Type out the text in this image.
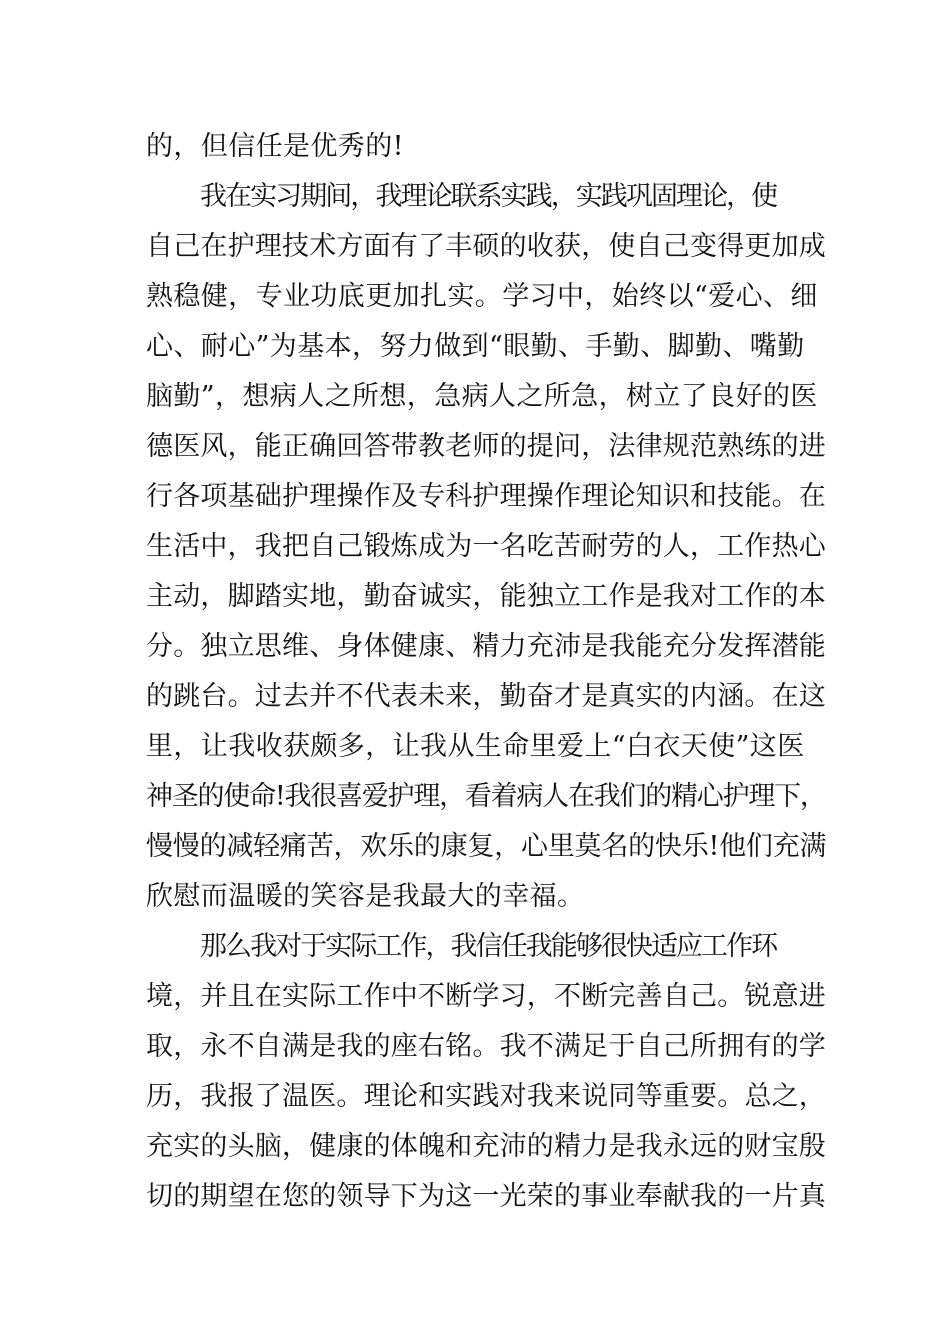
的，但信任是优秀的!
我在实习期间，我理论联系实践，实践巩固理论，使
自己在护理技术方面有了丰硕的收获，使自己变得更加成
熟稳健，专业功底更加扎实。学习中，始终以“爱心、细
心、耐心”为基本，努力做到“眼勤、手勤、脚勤、嘴勤
脑勤”，想病人之所想，急病人之所急，树立了良好的医
德医风，能正确回答带教老师的提问，法律规范熟练的进
行各项基础护理操作及专科护理操作理论知识和技能。在
生活中，我把自己锻炼成为一名吃苦耐劳的人，工作热心
主动，脚踏实地，勤奋诚实，能独立工作是我对工作的本
分。独立思维、身体健康、精力充沛是我能充分发挥潜能
的跳台。过去并不代表未来，勤奋才是真实的内涵。在这
里，让我收获颇多，让我从生命里爱上“白衣天使”这医
神圣的使命!我很喜爱护理，看着病人在我们的精心护理下，
慢慢的减轻痛苦，欢乐的康复，心里莫名的快乐!他们充满
欣慰而温暖的笑容是我最大的幸福。
那么我对于实际工作，我信任我能够很快适应工作环
境，并且在实际工作中不断学习，不断完善自己。锐意进
取，永不自满是我的座右铭。我不满足于自己所拥有的学
历，我报了温医。理论和实践对我来说同等重要。总之，
充实的头脑，健康的体魄和充沛的精力是我永远的财宝殷
切的期望在您的领导下为这一光荣的事业奉献我的一片真
